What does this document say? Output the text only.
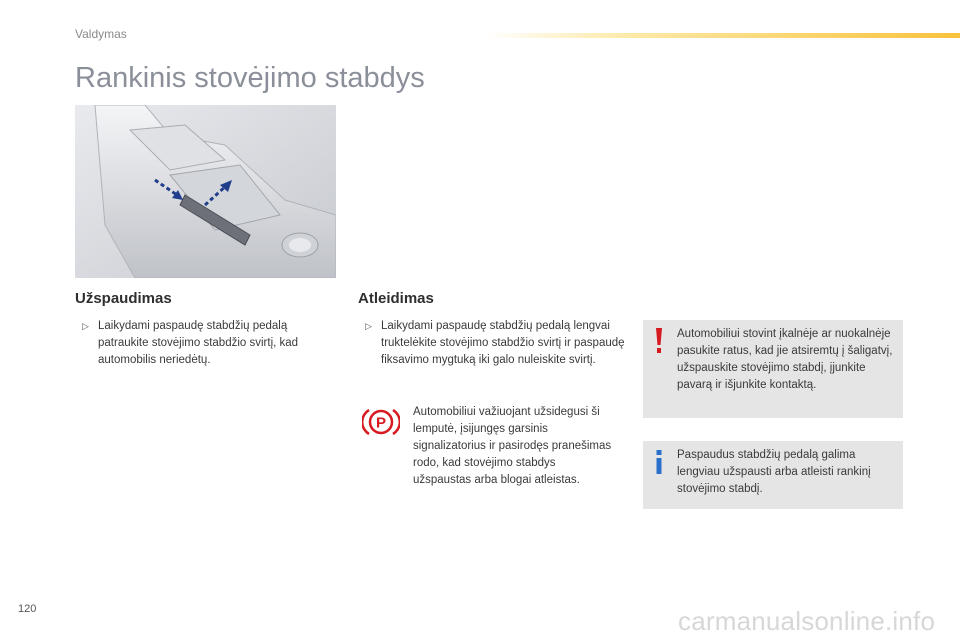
Valdymas
Rankinis stovėjimo stabdys
Užspaudimas
▷ Laikydami paspaudę stabdžių pedalą patraukite stovėjimo stabdžio svirtį, kad automobilis neriedėtų.
Atleidimas
▷ Laikydami paspaudę stabdžių pedalą lengvai truktelėkite stovėjimo stabdžio svirtį ir paspaudę fiksavimo mygtuką iki galo nuleiskite svirtį.
P
Automobiliui važiuojant užsidegusi ši lemputė, įsijungęs garsinis signalizatorius ir pasirodęs pranešimas rodo, kad stovėjimo stabdys užspaustas arba blogai atleistas.
Automobiliui stovint įkalnėje ar nuokalnėje pasukite ratus, kad jie atsiremtų į šaligatvį, užspauskite stovėjimo stabdį, įjunkite pavarą ir išjunkite kontaktą.
Paspaudus stabdžių pedalą galima lengviau užspausti arba atleisti rankinį stovėjimo stabdį.
120	carmanualsonline.info
